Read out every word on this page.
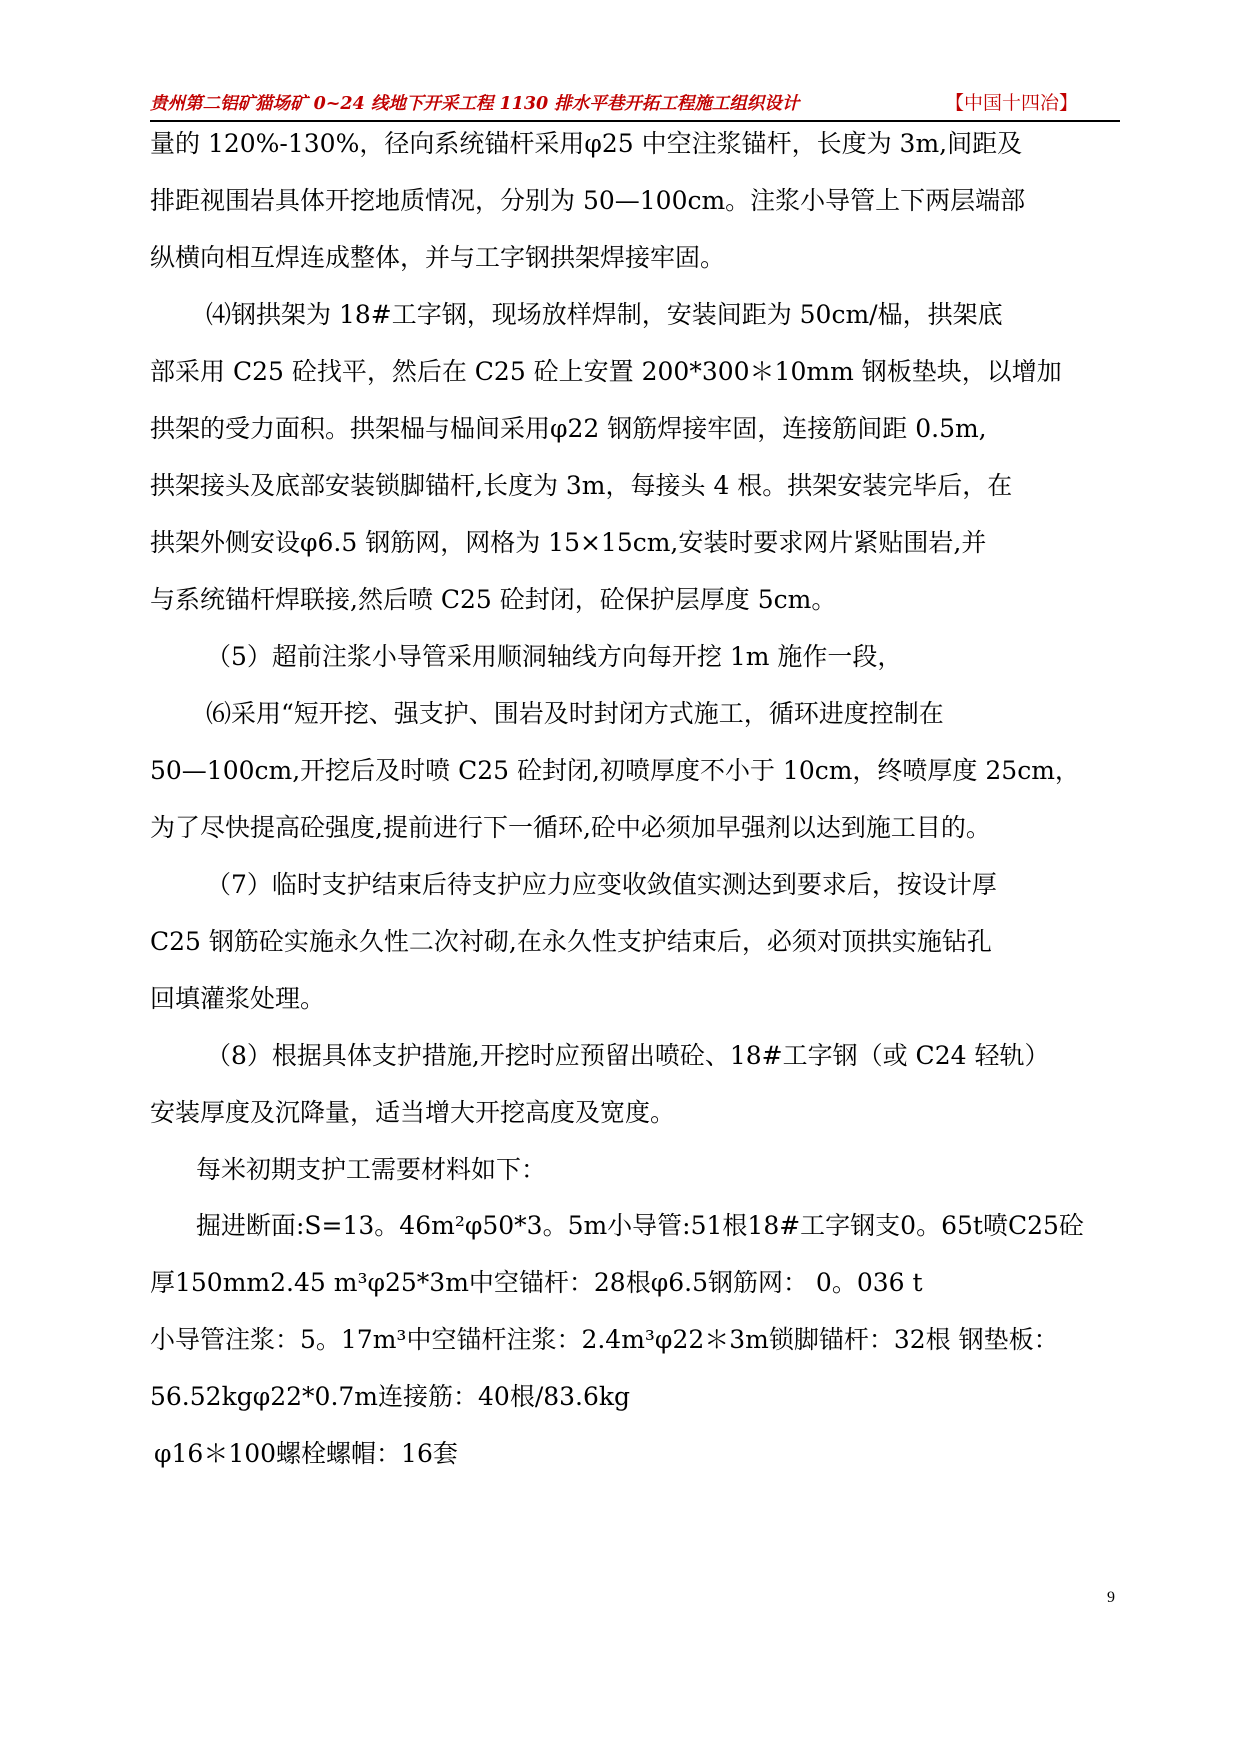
贵州第二铝矿猫场矿 0~24 线地下开采工程 1130 排水平巷开拓工程施工组织设计	【中国十四冶】
量的 120%-130%，径向系统锚杆采用φ25 中空注浆锚杆，长度为 3m,间距及
排距视围岩具体开挖地质情况，分别为 50—100cm。注浆小导管上下两层端部
纵横向相互焊连成整体，并与工字钢拱架焊接牢固。
⑷钢拱架为 18#工字钢，现场放样焊制，安装间距为 50cm/榀，拱架底
部采用 C25 砼找平，然后在 C25 砼上安置 200*300＊10mm 钢板垫块，以增加
拱架的受力面积。拱架榀与榀间采用φ22 钢筋焊接牢固，连接筋间距 0.5m,
拱架接头及底部安装锁脚锚杆,长度为 3m，每接头 4 根。拱架安装完毕后，在
拱架外侧安设φ6.5 钢筋网，网格为 15×15cm,安装时要求网片紧贴围岩,并
与系统锚杆焊联接,然后喷 C25 砼封闭，砼保护层厚度 5cm。
（5）超前注浆小导管采用顺洞轴线方向每开挖 1m 施作一段，
⑹采用“短开挖、强支护、围岩及时封闭方式施工，循环进度控制在
50—100cm,开挖后及时喷 C25 砼封闭,初喷厚度不小于 10cm，终喷厚度 25cm，
为了尽快提高砼强度,提前进行下一循环,砼中必须加早强剂以达到施工目的。
（7）临时支护结束后待支护应力应变收敛值实测达到要求后，按设计厚
C25 钢筋砼实施永久性二次衬砌,在永久性支护结束后，必须对顶拱实施钻孔
回填灌浆处理。
（8）根据具体支护措施,开挖时应预留出喷砼、18#工字钢（或 C24 轻轨）
安装厚度及沉降量，适当增大开挖高度及宽度。
每米初期支护工需要材料如下：
掘进断面:S=13。46m²φ50*3。5m小导管:51根18#工字钢支0。65t喷C25砼
厚150mm2.45 m³φ25*3m中空锚杆：28根φ6.5钢筋网： 0。036 t
小导管注浆：5。17m³中空锚杆注浆：2.4m³φ22＊3m锁脚锚杆：32根 钢垫板：
56.52kgφ22*0.7m连接筋：40根/83.6kg
φ16＊100螺栓螺帽：16套
9
